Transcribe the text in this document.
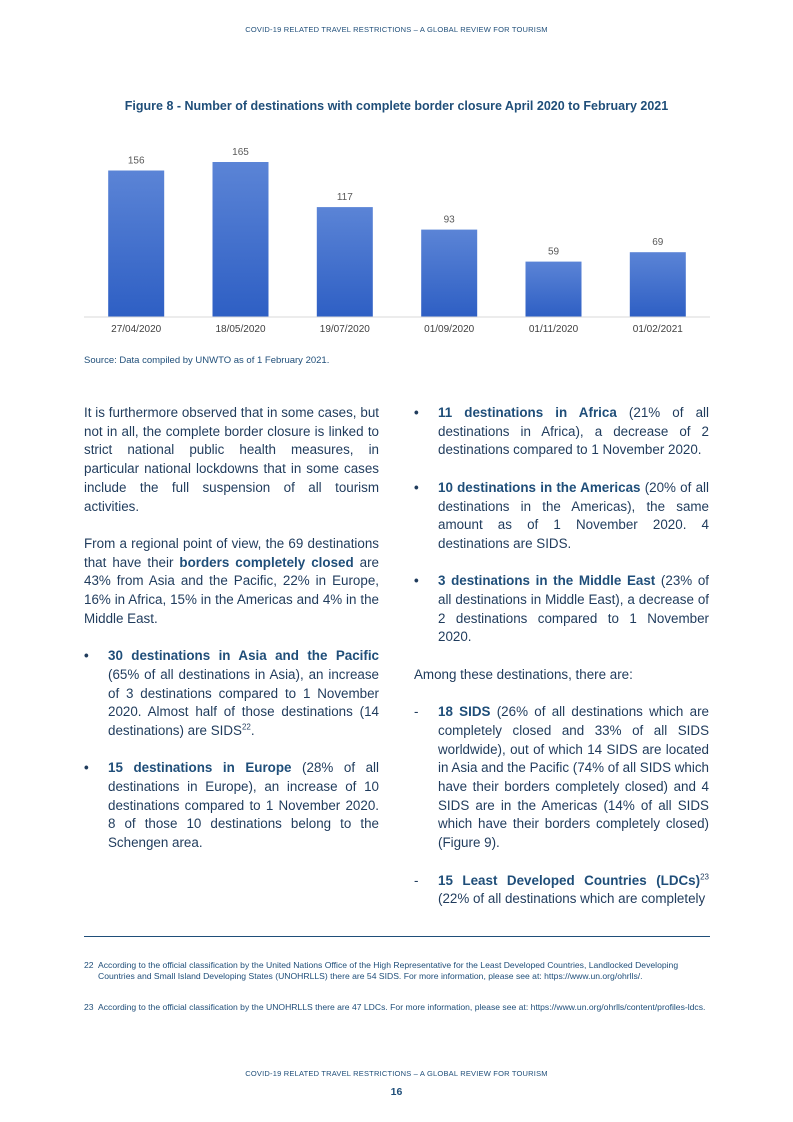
COVID-19 RELATED TRAVEL RESTRICTIONS – A GLOBAL REVIEW FOR TOURISM
Figure 8 - Number of destinations with complete border closure April 2020 to February 2021
156
165
117
93
59
69
27/04/2020	18/05/2020	19/07/2020	01/09/2020	01/11/2020	01/02/2021
Source: Data compiled by UNWTO as of 1 February 2021.

It is furthermore observed that in some cases, but not in all, the complete border closure is linked to strict national public health measures, in particular national lockdowns that in some cases include the full suspension of all tourism activities.

From a regional point of view, the 69 destinations that have their borders completely closed are 43% from Asia and the Pacific, 22% in Europe, 16% in Africa, 15% in the Americas and 4% in the Middle East.

• 30 destinations in Asia and the Pacific (65% of all destinations in Asia), an increase of 3 destinations compared to 1 November 2020. Almost half of those destinations (14 destinations) are SIDS$^{22}$.
• 15 destinations in Europe (28% of all destinations in Europe), an increase of 10 destinations compared to 1 November 2020. 8 of those 10 destinations belong to the Schengen area.
• 11 destinations in Africa (21% of all destinations in Africa), a decrease of 2 destinations compared to 1 November 2020.
• 10 destinations in the Americas (20% of all destinations in the Americas), the same amount as of 1 November 2020. 4 destinations are SIDS.
• 3 destinations in the Middle East (23% of all destinations in Middle East), a decrease of 2 destinations compared to 1 November 2020.

Among these destinations, there are:

- 18 SIDS (26% of all destinations which are completely closed and 33% of all SIDS worldwide), out of which 14 SIDS are located in Asia and the Pacific (74% of all SIDS which have their borders completely closed) and 4 SIDS are in the Americas (14% of all SIDS which have their borders completely closed) (Figure 9).
- 15 Least Developed Countries (LDCs)$^{23}$ (22% of all destinations which are completely
22 According to the official classification by the United Nations Office of the High Representative for the Least Developed Countries, Landlocked Developing Countries and Small Island Developing States (UNOHRLLS) there are 54 SIDS. For more information, please see at: https://www.un.org/ohrlls/.
23 According to the official classification by the UNOHRLLS there are 47 LDCs. For more information, please see at: https://www.un.org/ohrlls/content/profiles-ldcs.
COVID-19 RELATED TRAVEL RESTRICTIONS – A GLOBAL REVIEW FOR TOURISM
16
